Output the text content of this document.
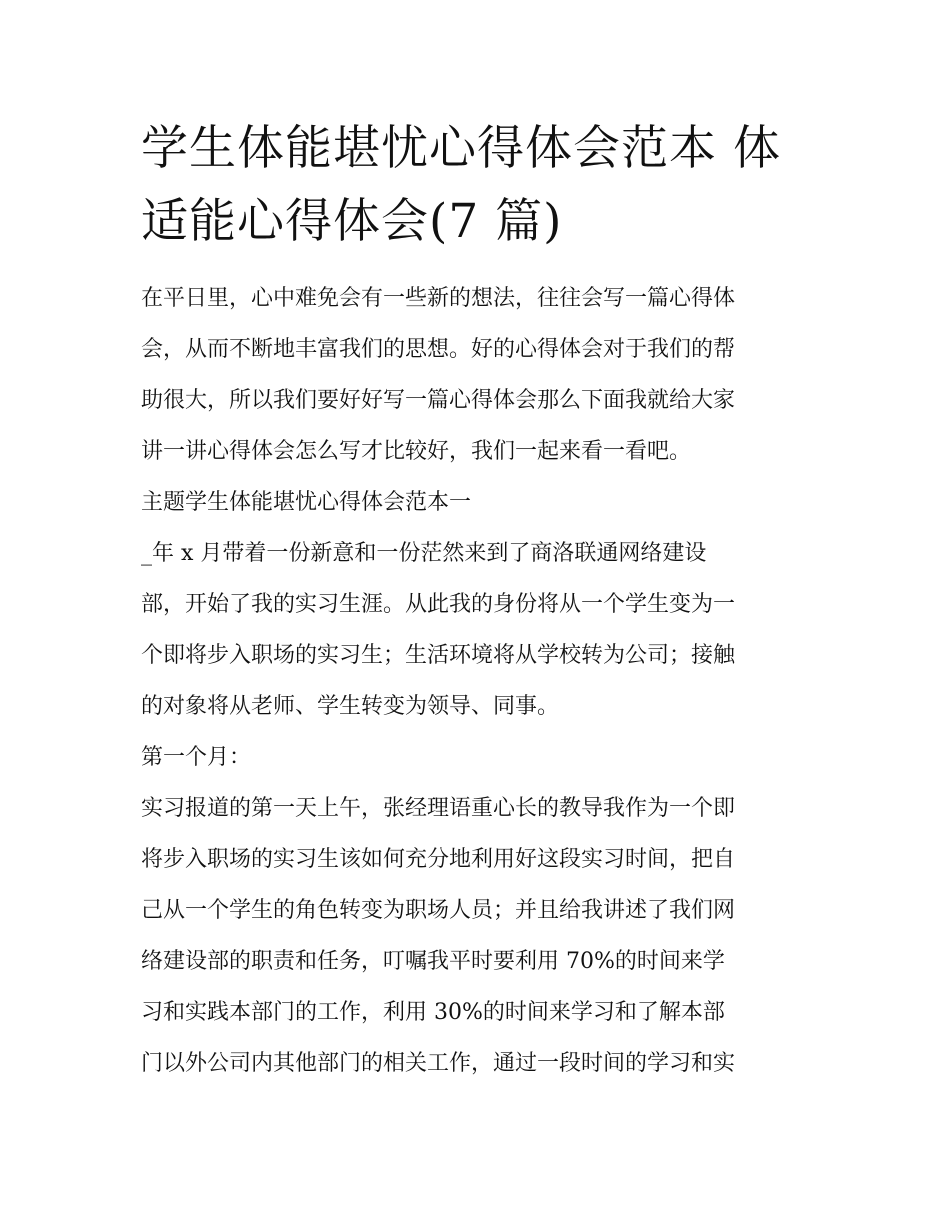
学生体能堪忧心得体会范本 体
适能心得体会(7 篇)

在平日里，心中难免会有一些新的想法，往往会写一篇心得体
会，从而不断地丰富我们的思想。好的心得体会对于我们的帮
助很大，所以我们要好好写一篇心得体会那么下面我就给大家
讲一讲心得体会怎么写才比较好，我们一起来看一看吧。

主题学生体能堪忧心得体会范本一

_年 x 月带着一份新意和一份茫然来到了商洛联通网络建设
部，开始了我的实习生涯。从此我的身份将从一个学生变为一
个即将步入职场的实习生；生活环境将从学校转为公司；接触
的对象将从老师、学生转变为领导、同事。

第一个月：

实习报道的第一天上午，张经理语重心长的教导我作为一个即
将步入职场的实习生该如何充分地利用好这段实习时间，把自
己从一个学生的角色转变为职场人员；并且给我讲述了我们网
络建设部的职责和任务，叮嘱我平时要利用 70%的时间来学
习和实践本部门的工作，利用 30%的时间来学习和了解本部
门以外公司内其他部门的相关工作，通过一段时间的学习和实
